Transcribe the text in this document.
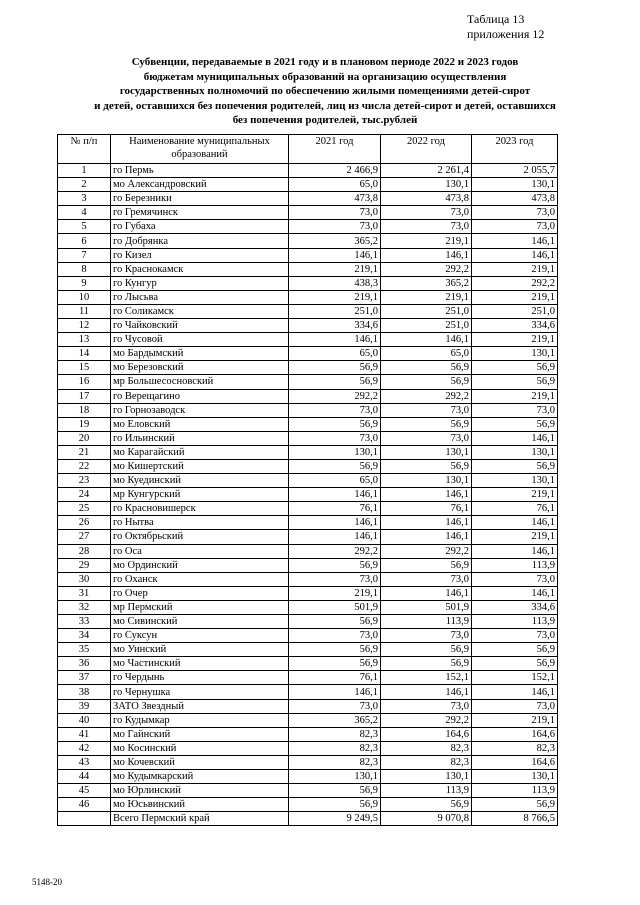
Таблица 13
приложения 12
Субвенции, передаваемые в 2021 году и в плановом периоде 2022 и 2023 годов
бюджетам муниципальных образований на организацию осуществления
государственных полномочий по обеспечению жилыми помещениями детей-сирот
и детей, оставшихся без попечения родителей, лиц из числа детей-сирот и детей, оставшихся
без попечения родителей, тыс.рублей
№ п/п	Наименование муниципальных образований	2021 год	2022 год	2023 год
1	го Пермь	2 466,9	2 261,4	2 055,7
2	мо Александровский	65,0	130,1	130,1
3	го Березники	473,8	473,8	473,8
4	го Гремячинск	73,0	73,0	73,0
5	го Губаха	73,0	73,0	73,0
6	го Добрянка	365,2	219,1	146,1
7	го Кизел	146,1	146,1	146,1
8	го Краснокамск	219,1	292,2	219,1
9	го Кунгур	438,3	365,2	292,2
10	го Лысьва	219,1	219,1	219,1
11	го Соликамск	251,0	251,0	251,0
12	го Чайковский	334,6	251,0	334,6
13	го Чусовой	146,1	146,1	219,1
14	мо Бардымский	65,0	65,0	130,1
15	мо Березовский	56,9	56,9	56,9
16	мр Большесосновский	56,9	56,9	56,9
17	го Верещагино	292,2	292,2	219,1
18	го Горнозаводск	73,0	73,0	73,0
19	мо Еловский	56,9	56,9	56,9
20	го Ильинский	73,0	73,0	146,1
21	мо Карагайский	130,1	130,1	130,1
22	мо Кишертский	56,9	56,9	56,9
23	мо Куединский	65,0	130,1	130,1
24	мр Кунгурский	146,1	146,1	219,1
25	го Красновишерск	76,1	76,1	76,1
26	го Нытва	146,1	146,1	146,1
27	го Октябрьский	146,1	146,1	219,1
28	го Оса	292,2	292,2	146,1
29	мо Ординский	56,9	56,9	113,9
30	го Оханск	73,0	73,0	73,0
31	го Очер	219,1	146,1	146,1
32	мр Пермский	501,9	501,9	334,6
33	мо Сивинский	56,9	113,9	113,9
34	го Суксун	73,0	73,0	73,0
35	мо Уинский	56,9	56,9	56,9
36	мо Частинский	56,9	56,9	56,9
37	го Чердынь	76,1	152,1	152,1
38	го Чернушка	146,1	146,1	146,1
39	ЗАТО Звездный	73,0	73,0	73,0
40	го Кудымкар	365,2	292,2	219,1
41	мо Гайнский	82,3	164,6	164,6
42	мо Косинский	82,3	82,3	82,3
43	мо Кочевский	82,3	82,3	164,6
44	мо Кудымкарский	130,1	130,1	130,1
45	мо Юрлинский	56,9	113,9	113,9
46	мо Юсьвинский	56,9	56,9	56,9
	Всего Пермский край	9 249,5	9 070,8	8 766,5
5148-20
